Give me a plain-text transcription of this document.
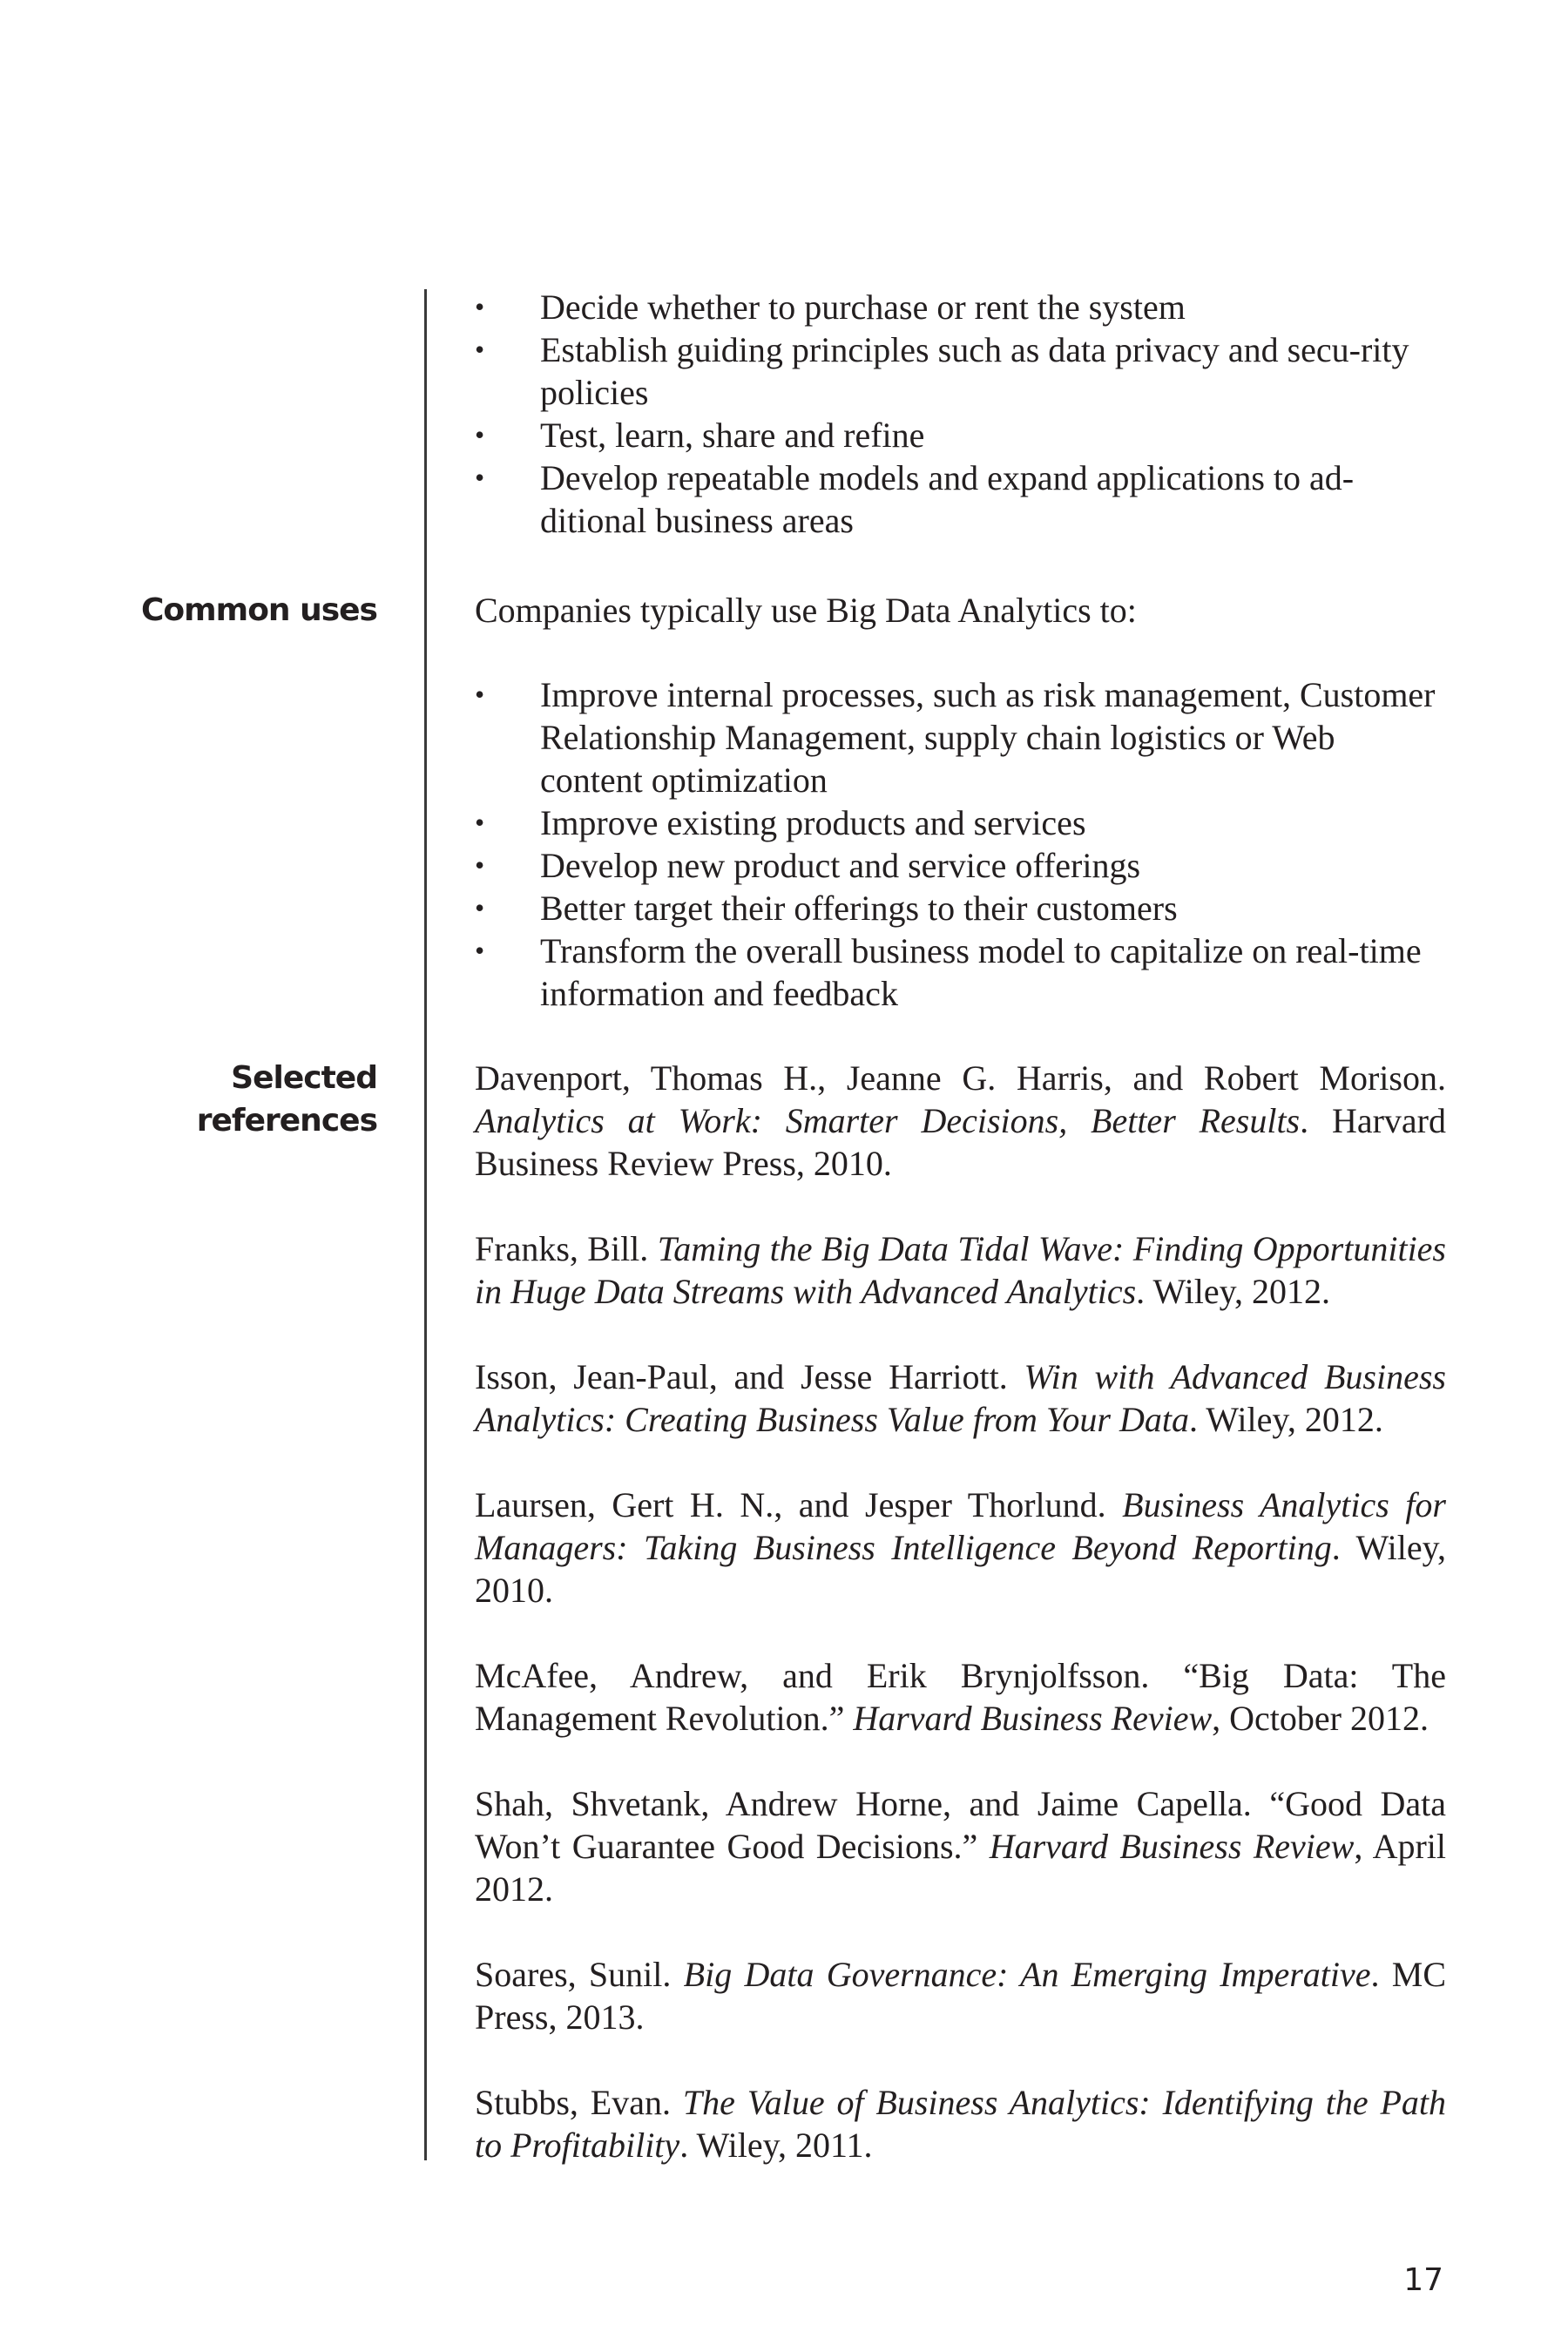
Common uses
Selected
references
• Decide whether to purchase or rent the system
• Establish guiding principles such as data privacy and secu-rity policies
• Test, learn, share and refine
• Develop repeatable models and expand applications to ad-ditional business areas
Companies typically use Big Data Analytics to:
• Improve internal processes, such as risk management, Customer Relationship Management, supply chain logistics or Web content optimization
• Improve existing products and services
• Develop new product and service offerings
• Better target their offerings to their customers
• Transform the overall business model to capitalize on real-time information and feedback

Davenport, Thomas H., Jeanne G. Harris, and Robert Morison. Analytics at Work: Smarter Decisions, Better Results. Harvard Business Review Press, 2010.

Franks, Bill. Taming the Big Data Tidal Wave: Finding Opportunities in Huge Data Streams with Advanced Analytics. Wiley, 2012.

Isson, Jean-Paul, and Jesse Harriott. Win with Advanced Business Analytics: Creating Business Value from Your Data. Wiley, 2012.

Laursen, Gert H. N., and Jesper Thorlund. Business Analytics for Managers: Taking Business Intelligence Beyond Reporting. Wiley, 2010.

McAfee, Andrew, and Erik Brynjolfsson. “Big Data: The Management Revolution.” Harvard Business Review, October 2012.

Shah, Shvetank, Andrew Horne, and Jaime Capella. “Good Data Won’t Guarantee Good Decisions.” Harvard Business Review, April 2012.

Soares, Sunil. Big Data Governance: An Emerging Imperative. MC Press, 2013.

Stubbs, Evan. The Value of Business Analytics: Identifying the Path to Profitability. Wiley, 2011.

17
